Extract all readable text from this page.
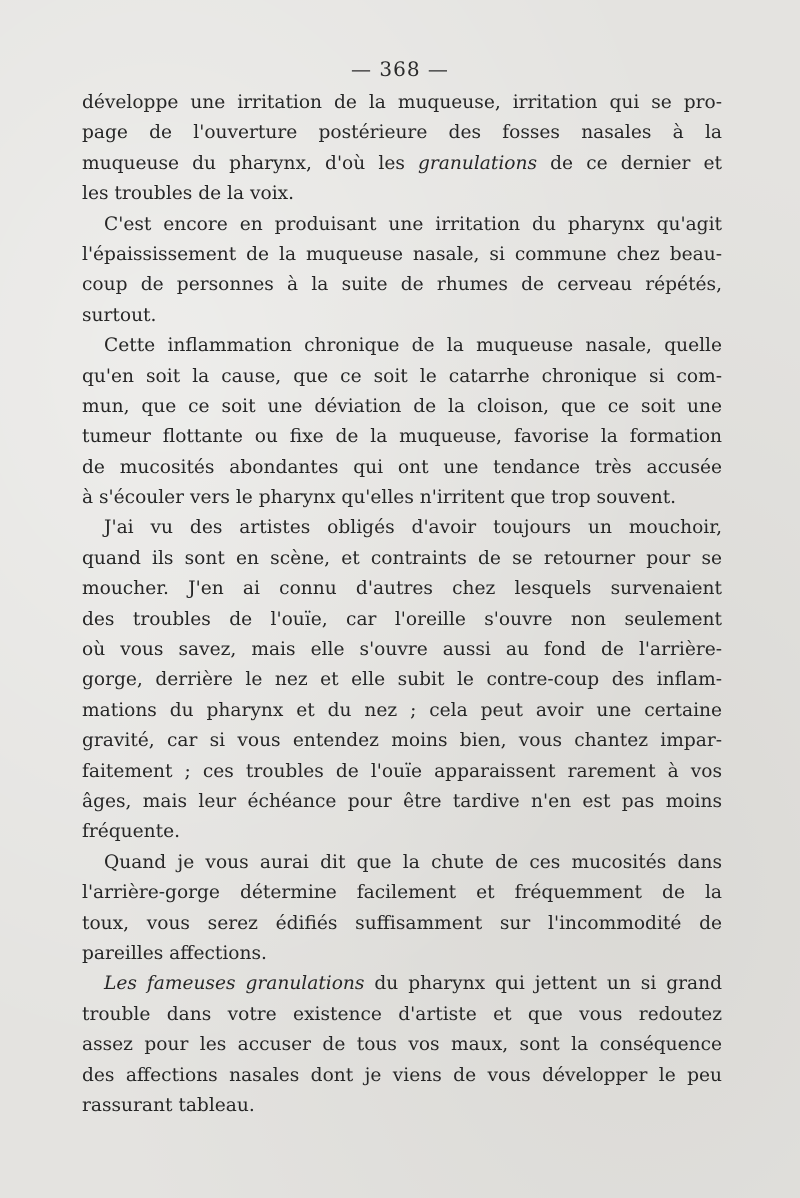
— 368 —
développe une irritation de la muqueuse, irritation qui se pro-
page de l'ouverture postérieure des fosses nasales à la
muqueuse du pharynx, d'où les granulations de ce dernier et
les troubles de la voix.
C'est encore en produisant une irritation du pharynx qu'agit
l'épaississement de la muqueuse nasale, si commune chez beau-
coup de personnes à la suite de rhumes de cerveau répétés,
surtout.
Cette inflammation chronique de la muqueuse nasale, quelle
qu'en soit la cause, que ce soit le catarrhe chronique si com-
mun, que ce soit une déviation de la cloison, que ce soit une
tumeur flottante ou fixe de la muqueuse, favorise la formation
de mucosités abondantes qui ont une tendance très accusée
à s'écouler vers le pharynx qu'elles n'irritent que trop souvent.
J'ai vu des artistes obligés d'avoir toujours un mouchoir,
quand ils sont en scène, et contraints de se retourner pour se
moucher. J'en ai connu d'autres chez lesquels survenaient
des troubles de l'ouïe, car l'oreille s'ouvre non seulement
où vous savez, mais elle s'ouvre aussi au fond de l'arrière-
gorge, derrière le nez et elle subit le contre-coup des inflam-
mations du pharynx et du nez ; cela peut avoir une certaine
gravité, car si vous entendez moins bien, vous chantez impar-
faitement ; ces troubles de l'ouïe apparaissent rarement à vos
âges, mais leur échéance pour être tardive n'en est pas moins
fréquente.
Quand je vous aurai dit que la chute de ces mucosités dans
l'arrière-gorge détermine facilement et fréquemment de la
toux, vous serez édifiés suffisamment sur l'incommodité de
pareilles affections.
Les fameuses granulations du pharynx qui jettent un si grand
trouble dans votre existence d'artiste et que vous redoutez
assez pour les accuser de tous vos maux, sont la conséquence
des affections nasales dont je viens de vous développer le peu
rassurant tableau.
